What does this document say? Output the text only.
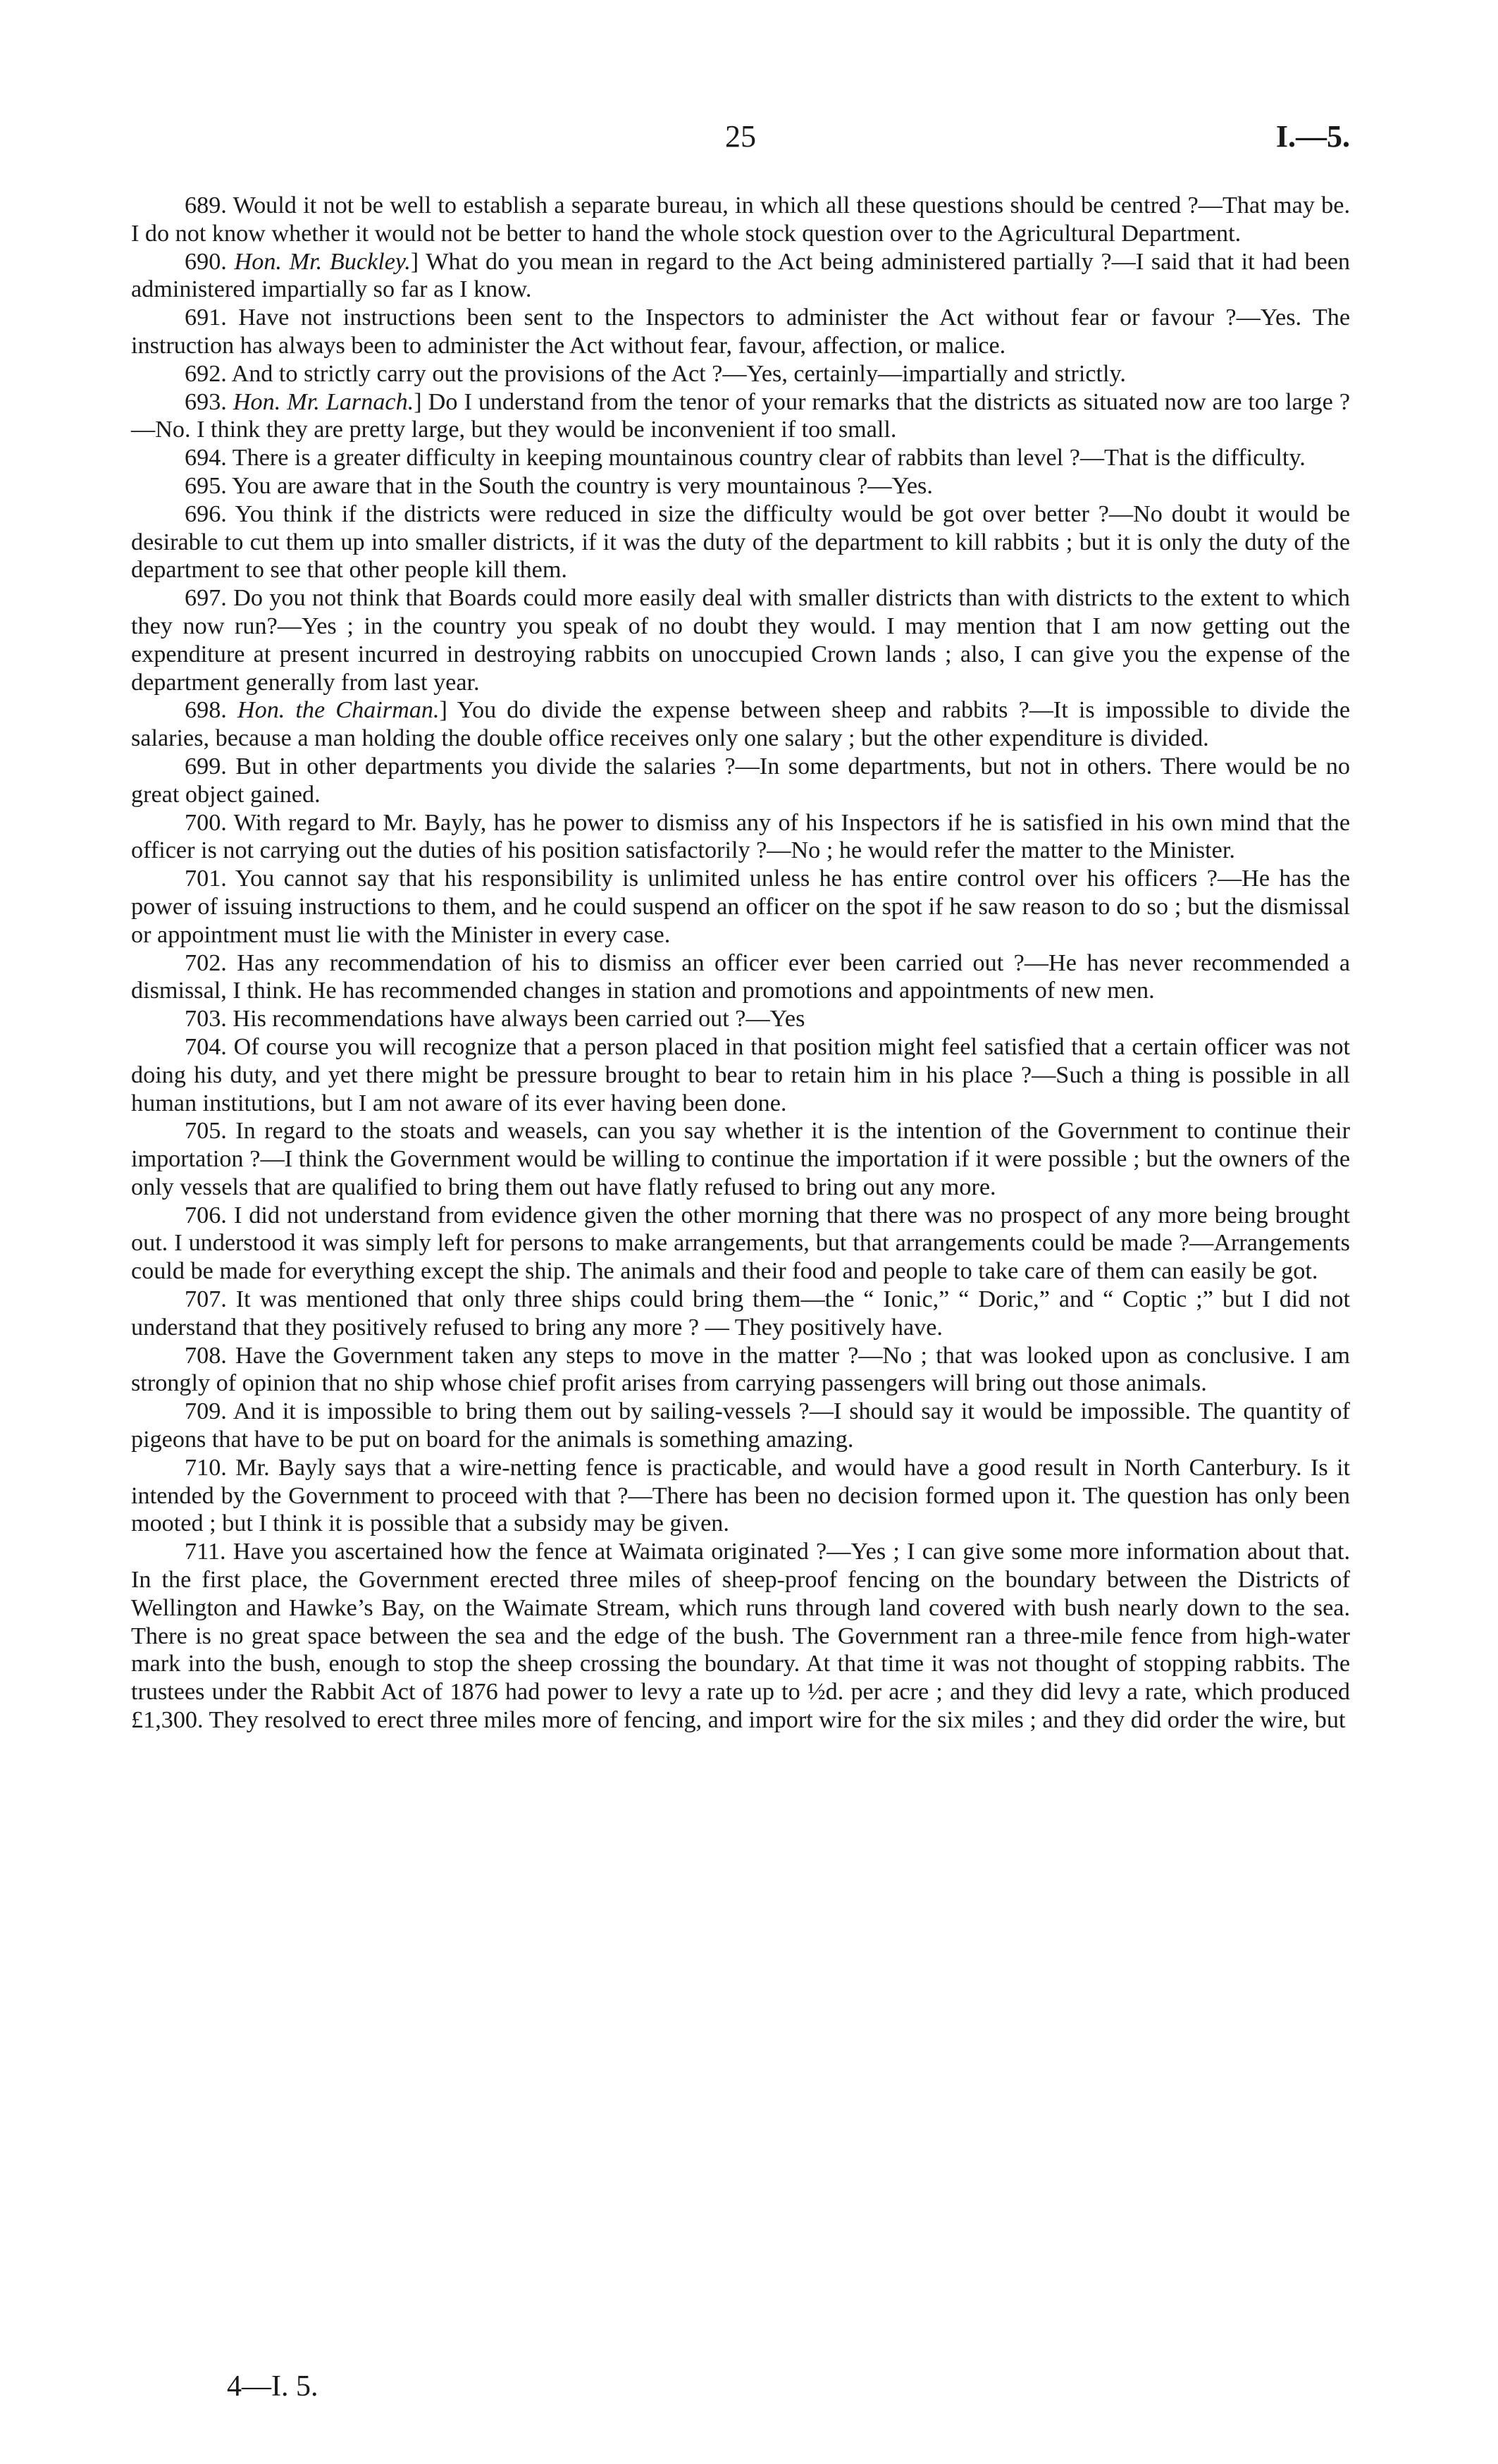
25	I.—5.

689. Would it not be well to establish a separate bureau, in which all these questions should be centred ?—That may be. I do not know whether it would not be better to hand the whole stock question over to the Agricultural Department.

690. Hon. Mr. Buckley.] What do you mean in regard to the Act being administered partially ?—I said that it had been administered impartially so far as I know.

691. Have not instructions been sent to the Inspectors to administer the Act without fear or favour ?—Yes. The instruction has always been to administer the Act without fear, favour, affection, or malice.

692. And to strictly carry out the provisions of the Act ?—Yes, certainly—impartially and strictly.

693. Hon. Mr. Larnach.] Do I understand from the tenor of your remarks that the districts as situated now are too large ?—No. I think they are pretty large, but they would be inconvenient if too small.

694. There is a greater difficulty in keeping mountainous country clear of rabbits than level ?—That is the difficulty.

695. You are aware that in the South the country is very mountainous ?—Yes.

696. You think if the districts were reduced in size the difficulty would be got over better ?—No doubt it would be desirable to cut them up into smaller districts, if it was the duty of the department to kill rabbits ; but it is only the duty of the department to see that other people kill them.

697. Do you not think that Boards could more easily deal with smaller districts than with districts to the extent to which they now run?—Yes ; in the country you speak of no doubt they would. I may mention that I am now getting out the expenditure at present incurred in destroying rabbits on unoccupied Crown lands ; also, I can give you the expense of the department generally from last year.

698. Hon. the Chairman.] You do divide the expense between sheep and rabbits ?—It is impossible to divide the salaries, because a man holding the double office receives only one salary ; but the other expenditure is divided.

699. But in other departments you divide the salaries ?—In some departments, but not in others. There would be no great object gained.

700. With regard to Mr. Bayly, has he power to dismiss any of his Inspectors if he is satisfied in his own mind that the officer is not carrying out the duties of his position satisfactorily ?—No ; he would refer the matter to the Minister.

701. You cannot say that his responsibility is unlimited unless he has entire control over his officers ?—He has the power of issuing instructions to them, and he could suspend an officer on the spot if he saw reason to do so ; but the dismissal or appointment must lie with the Minister in every case.

702. Has any recommendation of his to dismiss an officer ever been carried out ?—He has never recommended a dismissal, I think. He has recommended changes in station and promotions and appointments of new men.

703. His recommendations have always been carried out ?—Yes

704. Of course you will recognize that a person placed in that position might feel satisfied that a certain officer was not doing his duty, and yet there might be pressure brought to bear to retain him in his place ?—Such a thing is possible in all human institutions, but I am not aware of its ever having been done.

705. In regard to the stoats and weasels, can you say whether it is the intention of the Government to continue their importation ?—I think the Government would be willing to continue the importation if it were possible ; but the owners of the only vessels that are qualified to bring them out have flatly refused to bring out any more.

706. I did not understand from evidence given the other morning that there was no prospect of any more being brought out. I understood it was simply left for persons to make arrangements, but that arrangements could be made ?—Arrangements could be made for everything except the ship. The animals and their food and people to take care of them can easily be got.

707. It was mentioned that only three ships could bring them—the “ Ionic,” “ Doric,” and “ Coptic ;” but I did not understand that they positively refused to bring any more ? — They positively have.

708. Have the Government taken any steps to move in the matter ?—No ; that was looked upon as conclusive. I am strongly of opinion that no ship whose chief profit arises from carrying passengers will bring out those animals.

709. And it is impossible to bring them out by sailing-vessels ?—I should say it would be impossible. The quantity of pigeons that have to be put on board for the animals is something amazing.

710. Mr. Bayly says that a wire-netting fence is practicable, and would have a good result in North Canterbury. Is it intended by the Government to proceed with that ?—There has been no decision formed upon it. The question has only been mooted ; but I think it is possible that a subsidy may be given.

711. Have you ascertained how the fence at Waimata originated ?—Yes ; I can give some more information about that. In the first place, the Government erected three miles of sheep-proof fencing on the boundary between the Districts of Wellington and Hawke’s Bay, on the Waimate Stream, which runs through land covered with bush nearly down to the sea. There is no great space between the sea and the edge of the bush. The Government ran a three-mile fence from high-water mark into the bush, enough to stop the sheep crossing the boundary. At that time it was not thought of stopping rabbits. The trustees under the Rabbit Act of 1876 had power to levy a rate up to ½d. per acre ; and they did levy a rate, which produced £1,300. They resolved to erect three miles more of fencing, and import wire for the six miles ; and they did order the wire, but

4—I. 5.
